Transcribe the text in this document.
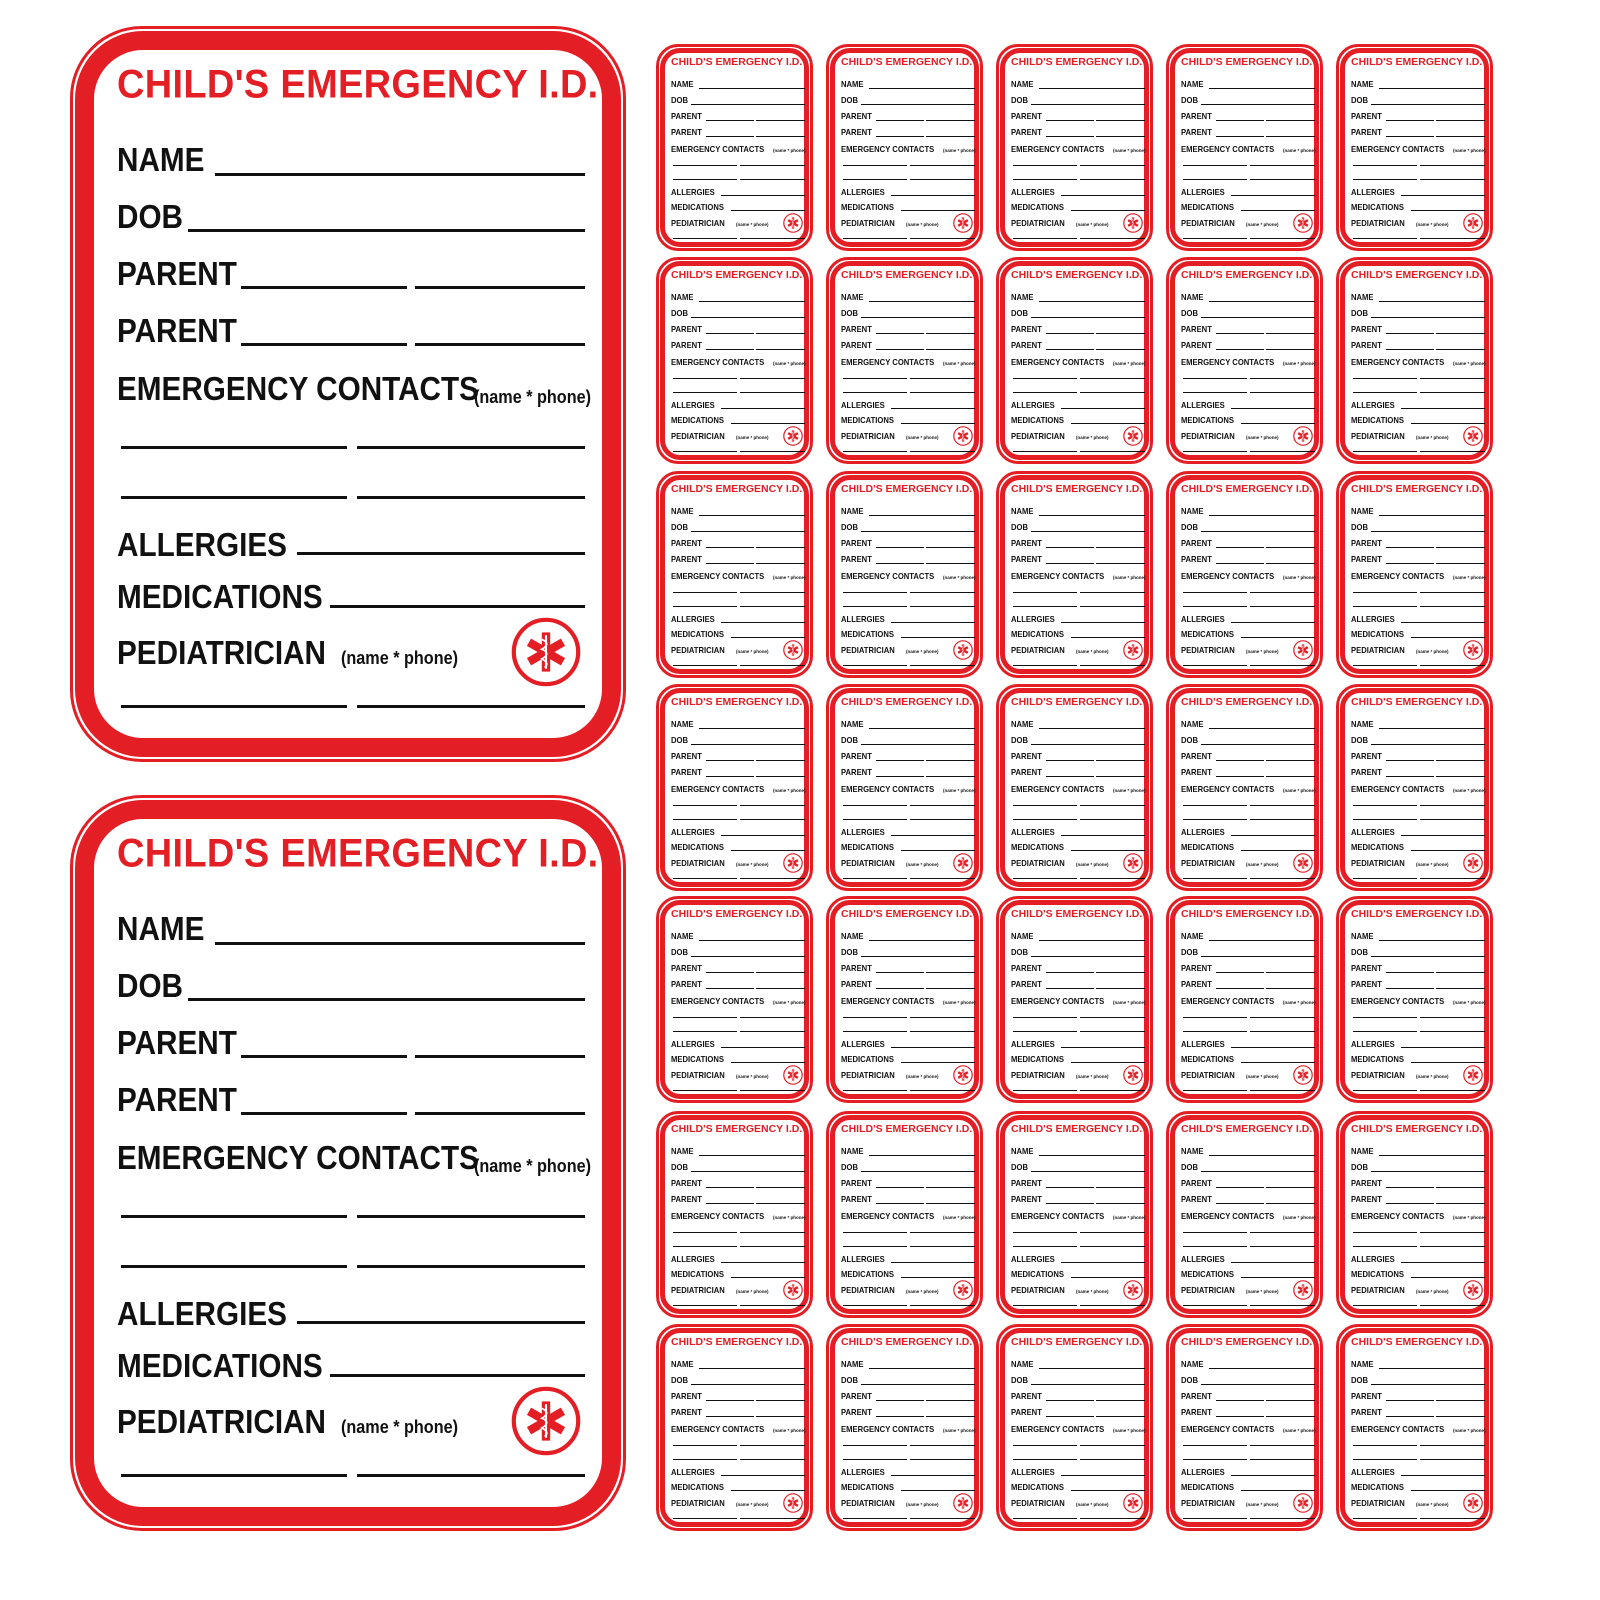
CHILD'S EMERGENCY I.D.
NAME
DOB
PARENT
PARENT
EMERGENCY CONTACTS
(name * phone)
ALLERGIES
MEDICATIONS
PEDIATRICIAN (name * phone)
CHILD'S EMERGENCY I.D.
NAME
DOB
PARENT
PARENT
EMERGENCY CONTACTS
(name * phone)
ALLERGIES
MEDICATIONS
PEDIATRICIAN (name * phone)
CHILD'S EMERGENCY I.D.
NAME
DOB
PARENT
PARENT
EMERGENCY CONTACTS (name * phone)
ALLERGIES
MEDICATIONS
PEDIATRICIAN (name * phone)
CHILD'S EMERGENCY I.D.
NAME
DOB
PARENT
PARENT
EMERGENCY CONTACTS (name * phone)
ALLERGIES
MEDICATIONS
PEDIATRICIAN (name * phone)
CHILD'S EMERGENCY I.D.
NAME
DOB
PARENT
PARENT
EMERGENCY CONTACTS (name * phone)
ALLERGIES
MEDICATIONS
PEDIATRICIAN (name * phone)
CHILD'S EMERGENCY I.D.
NAME
DOB
PARENT
PARENT
EMERGENCY CONTACTS (name * phone)
ALLERGIES
MEDICATIONS
PEDIATRICIAN (name * phone)
CHILD'S EMERGENCY I.D.
NAME
DOB
PARENT
PARENT
EMERGENCY CONTACTS (name * phone)
ALLERGIES
MEDICATIONS
PEDIATRICIAN (name * phone)
CHILD'S EMERGENCY I.D.
NAME
DOB
PARENT
PARENT
EMERGENCY CONTACTS (name * phone)
ALLERGIES
MEDICATIONS
PEDIATRICIAN (name * phone)
CHILD'S EMERGENCY I.D.
NAME
DOB
PARENT
PARENT
EMERGENCY CONTACTS (name * phone)
ALLERGIES
MEDICATIONS
PEDIATRICIAN (name * phone)
CHILD'S EMERGENCY I.D.
NAME
DOB
PARENT
PARENT
EMERGENCY CONTACTS (name * phone)
ALLERGIES
MEDICATIONS
PEDIATRICIAN (name * phone)
CHILD'S EMERGENCY I.D.
NAME
DOB
PARENT
PARENT
EMERGENCY CONTACTS (name * phone)
ALLERGIES
MEDICATIONS
PEDIATRICIAN (name * phone)
CHILD'S EMERGENCY I.D.
NAME
DOB
PARENT
PARENT
EMERGENCY CONTACTS (name * phone)
ALLERGIES
MEDICATIONS
PEDIATRICIAN (name * phone)
CHILD'S EMERGENCY I.D.
NAME
DOB
PARENT
PARENT
EMERGENCY CONTACTS (name * phone)
ALLERGIES
MEDICATIONS
PEDIATRICIAN (name * phone)
CHILD'S EMERGENCY I.D.
NAME
DOB
PARENT
PARENT
EMERGENCY CONTACTS (name * phone)
ALLERGIES
MEDICATIONS
PEDIATRICIAN (name * phone)
CHILD'S EMERGENCY I.D.
NAME
DOB
PARENT
PARENT
EMERGENCY CONTACTS (name * phone)
ALLERGIES
MEDICATIONS
PEDIATRICIAN (name * phone)
CHILD'S EMERGENCY I.D.
NAME
DOB
PARENT
PARENT
EMERGENCY CONTACTS (name * phone)
ALLERGIES
MEDICATIONS
PEDIATRICIAN (name * phone)
CHILD'S EMERGENCY I.D.
NAME
DOB
PARENT
PARENT
EMERGENCY CONTACTS (name * phone)
ALLERGIES
MEDICATIONS
PEDIATRICIAN (name * phone)
CHILD'S EMERGENCY I.D.
NAME
DOB
PARENT
PARENT
EMERGENCY CONTACTS (name * phone)
ALLERGIES
MEDICATIONS
PEDIATRICIAN (name * phone)
CHILD'S EMERGENCY I.D.
NAME
DOB
PARENT
PARENT
EMERGENCY CONTACTS (name * phone)
ALLERGIES
MEDICATIONS
PEDIATRICIAN (name * phone)
CHILD'S EMERGENCY I.D.
NAME
DOB
PARENT
PARENT
EMERGENCY CONTACTS (name * phone)
ALLERGIES
MEDICATIONS
PEDIATRICIAN (name * phone)
CHILD'S EMERGENCY I.D.
NAME
DOB
PARENT
PARENT
EMERGENCY CONTACTS (name * phone)
ALLERGIES
MEDICATIONS
PEDIATRICIAN (name * phone)
CHILD'S EMERGENCY I.D.
NAME
DOB
PARENT
PARENT
EMERGENCY CONTACTS (name * phone)
ALLERGIES
MEDICATIONS
PEDIATRICIAN (name * phone)
CHILD'S EMERGENCY I.D.
NAME
DOB
PARENT
PARENT
EMERGENCY CONTACTS (name * phone)
ALLERGIES
MEDICATIONS
PEDIATRICIAN (name * phone)
CHILD'S EMERGENCY I.D.
NAME
DOB
PARENT
PARENT
EMERGENCY CONTACTS (name * phone)
ALLERGIES
MEDICATIONS
PEDIATRICIAN (name * phone)
CHILD'S EMERGENCY I.D.
NAME
DOB
PARENT
PARENT
EMERGENCY CONTACTS (name * phone)
ALLERGIES
MEDICATIONS
PEDIATRICIAN (name * phone)
CHILD'S EMERGENCY I.D.
NAME
DOB
PARENT
PARENT
EMERGENCY CONTACTS (name * phone)
ALLERGIES
MEDICATIONS
PEDIATRICIAN (name * phone)
CHILD'S EMERGENCY I.D.
NAME
DOB
PARENT
PARENT
EMERGENCY CONTACTS (name * phone)
ALLERGIES
MEDICATIONS
PEDIATRICIAN (name * phone)
CHILD'S EMERGENCY I.D.
NAME
DOB
PARENT
PARENT
EMERGENCY CONTACTS (name * phone)
ALLERGIES
MEDICATIONS
PEDIATRICIAN (name * phone)
CHILD'S EMERGENCY I.D.
NAME
DOB
PARENT
PARENT
EMERGENCY CONTACTS (name * phone)
ALLERGIES
MEDICATIONS
PEDIATRICIAN (name * phone)
CHILD'S EMERGENCY I.D.
NAME
DOB
PARENT
PARENT
EMERGENCY CONTACTS (name * phone)
ALLERGIES
MEDICATIONS
PEDIATRICIAN (name * phone)
CHILD'S EMERGENCY I.D.
NAME
DOB
PARENT
PARENT
EMERGENCY CONTACTS (name * phone)
ALLERGIES
MEDICATIONS
PEDIATRICIAN (name * phone)
CHILD'S EMERGENCY I.D.
NAME
DOB
PARENT
PARENT
EMERGENCY CONTACTS (name * phone)
ALLERGIES
MEDICATIONS
PEDIATRICIAN (name * phone)
CHILD'S EMERGENCY I.D.
NAME
DOB
PARENT
PARENT
EMERGENCY CONTACTS (name * phone)
ALLERGIES
MEDICATIONS
PEDIATRICIAN (name * phone)
CHILD'S EMERGENCY I.D.
NAME
DOB
PARENT
PARENT
EMERGENCY CONTACTS (name * phone)
ALLERGIES
MEDICATIONS
PEDIATRICIAN (name * phone)
CHILD'S EMERGENCY I.D.
NAME
DOB
PARENT
PARENT
EMERGENCY CONTACTS (name * phone)
ALLERGIES
MEDICATIONS
PEDIATRICIAN (name * phone)
CHILD'S EMERGENCY I.D.
NAME
DOB
PARENT
PARENT
EMERGENCY CONTACTS (name * phone)
ALLERGIES
MEDICATIONS
PEDIATRICIAN (name * phone)
CHILD'S EMERGENCY I.D.
NAME
DOB
PARENT
PARENT
EMERGENCY CONTACTS (name * phone)
ALLERGIES
MEDICATIONS
PEDIATRICIAN (name * phone)
